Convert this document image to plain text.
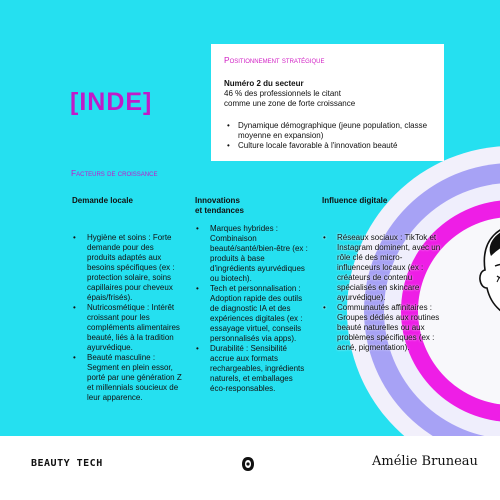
[INDE]
Positionnement stratégique
Numéro 2 du secteur
46 % des professionnels le citant
comme une zone de forte croissance
• Dynamique démographique (jeune population, classe moyenne en expansion)
• Culture locale favorable à l'innovation beauté
Facteurs de croissance
Demande locale
• Hygiène et soins : Forte demande pour des produits adaptés aux besoins spécifiques (ex : protection solaire, soins capillaires pour cheveux épais/frisés).
• Nutricosmétique : Intérêt croissant pour les compléments alimentaires beauté, liés à la tradition ayurvédique.
• Beauté masculine : Segment en plein essor, porté par une génération Z et millennials soucieux de leur apparence.
Innovations
et tendances
• Marques hybrides : Combinaison beauté/santé/bien-être (ex : produits à base d'ingrédients ayurvédiques ou biotech).
• Tech et personnalisation : Adoption rapide des outils de diagnostic IA et des expériences digitales (ex : essayage virtuel, conseils personnalisés via apps).
• Durabilité : Sensibilité accrue aux formats rechargeables, ingrédients naturels, et emballages éco-responsables.
Influence digitale
• Réseaux sociaux : TikTok et Instagram dominent, avec un rôle clé des micro-influenceurs locaux (ex : créateurs de contenu spécialisés en skincare ayurvédique).
• Communautés affinitaires : Groupes dédiés aux routines beauté naturelles ou aux problèmes spécifiques (ex : acné, pigmentation).
BEAUTY TECH	Amélie Bruneau
